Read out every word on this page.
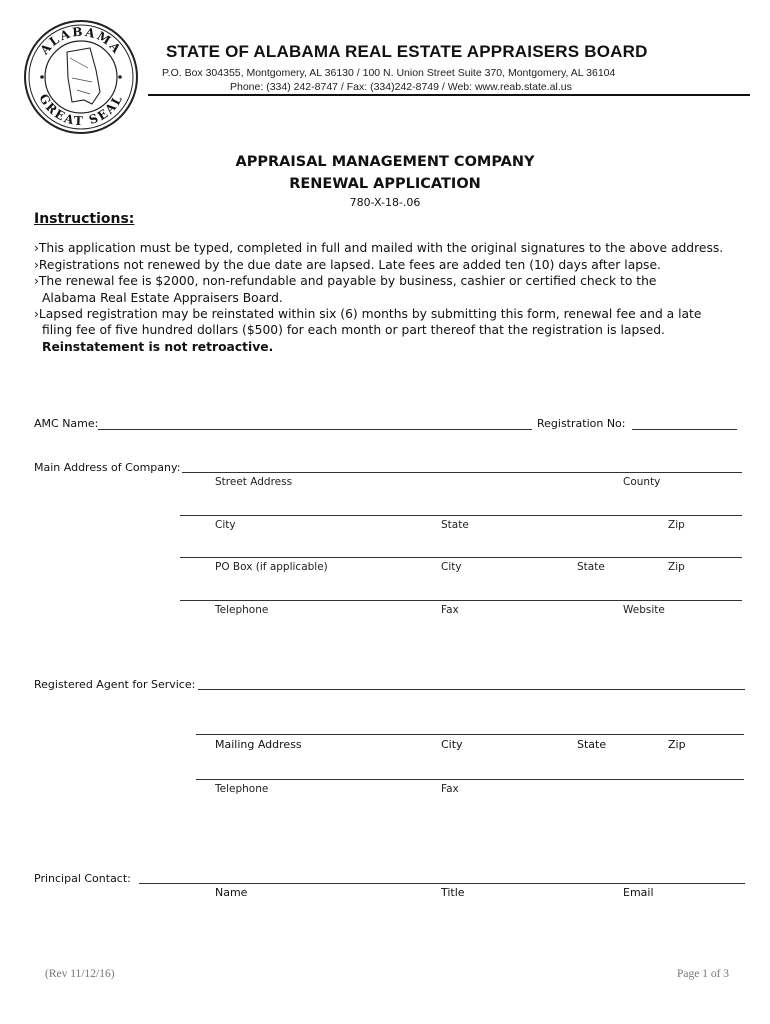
ALABAMA
GREAT SEAL
STATE OF ALABAMA REAL ESTATE APPRAISERS BOARD
P.O. Box 304355, Montgomery, AL 36130 / 100 N. Union Street Suite 370, Montgomery, AL 36104
Phone: (334) 242-8747 / Fax: (334)242-8749 / Web: www.reab.state.al.us
APPRAISAL MANAGEMENT COMPANY
RENEWAL APPLICATION
780-X-18-.06
Instructions:
›This application must be typed, completed in full and mailed with the original signatures to the above address.
›Registrations not renewed by the due date are lapsed. Late fees are added ten (10) days after lapse.
›The renewal fee is $2000, non-refundable and payable by business, cashier or certified check to the
Alabama Real Estate Appraisers Board.
›Lapsed registration may be reinstated within six (6) months by submitting this form, renewal fee and a late
filing fee of five hundred dollars ($500) for each month or part thereof that the registration is lapsed.
Reinstatement is not retroactive.
AMC Name:	Registration No:
Main Address of Company:
Street Address	County
City	State	Zip
PO Box (if applicable)	City	State	Zip
Telephone	Fax	Website
Registered Agent for Service:
Mailing Address	City	State	Zip
Telephone	Fax
Principal Contact:
Name	Title	Email
(Rev 11/12/16)	Page 1 of 3
